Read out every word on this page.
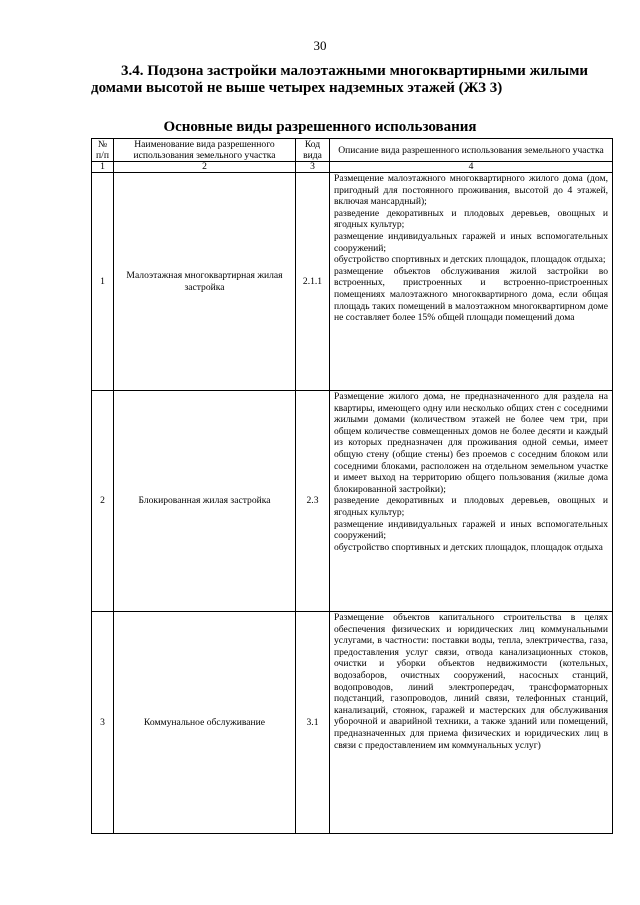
30
3.4. Подзона застройки малоэтажными многоквартирными жилыми домами высотой не выше четырех надземных этажей (ЖЗ 3)
Основные виды разрешенного использования
№ п/п	Наименование вида разрешенного использования земельного участка	Код вида	Описание вида разрешенного использования земельного участка
1	2	3	4
1	Малоэтажная многоквартирная жилая застройка	2.1.1	Размещение малоэтажного многоквартирного жилого дома (дом, пригодный для постоянного проживания, высотой до 4 этажей, включая мансардный);

разведение декоративных и плодовых деревьев, овощных и ягодных культур;

размещение индивидуальных гаражей и иных вспомогательных сооружений;

обустройство спортивных и детских площадок, площадок отдыха;

размещение объектов обслуживания жилой застройки во встроенных, пристроенных и встроенно-пристроенных помещениях малоэтажного многоквартирного дома, если общая площадь таких помещений в малоэтажном многоквартирном доме не составляет более 15% общей площади помещений дома

2	Блокированная жилая застройка	2.3	Размещение жилого дома, не предназначенного для раздела на квартиры, имеющего одну или несколько общих стен с соседними жилыми домами (количеством этажей не более чем три, при общем количестве совмещенных домов не более десяти и каждый из которых предназначен для проживания одной семьи, имеет общую стену (общие стены) без проемов с соседним блоком или соседними блоками, расположен на отдельном земельном участке и имеет выход на территорию общего пользования (жилые дома блокированной застройки);

разведение декоративных и плодовых деревьев, овощных и ягодных культур;

размещение индивидуальных гаражей и иных вспомогательных сооружений;

обустройство спортивных и детских площадок, площадок отдыха

3	Коммунальное обслуживание	3.1	Размещение объектов капитального строительства в целях обеспечения физических и юридических лиц коммунальными услугами, в частности: поставки воды, тепла, электричества, газа, предоставления услуг связи, отвода канализационных стоков, очистки и уборки объектов недвижимости (котельных, водозаборов, очистных сооружений, насосных станций, водопроводов, линий электропередач, трансформаторных подстанций, газопроводов, линий связи, телефонных станций, канализаций, стоянок, гаражей и мастерских для обслуживания уборочной и аварийной техники, а также зданий или помещений, предназначенных для приема физических и юридических лиц в связи с предоставлением им коммунальных услуг)
